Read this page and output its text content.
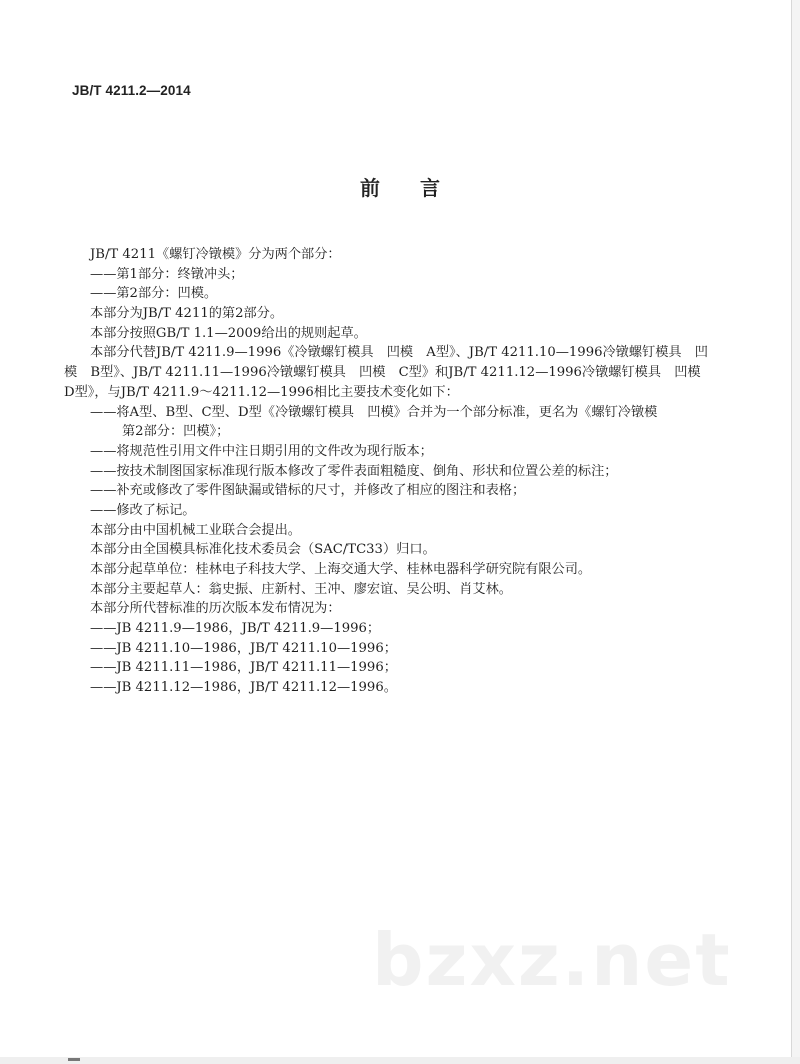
JB/T 4211.2—2014
前 言
JB/T 4211《螺钉冷镦模》分为两个部分：
——第1部分：终镦冲头；
——第2部分：凹模。
本部分为JB/T 4211的第2部分。
本部分按照GB/T 1.1—2009给出的规则起草。
本部分代替JB/T 4211.9—1996《冷镦螺钉模具　凹模　A型》、JB/T 4211.10—1996冷镦螺钉模具　凹
模　B型》、JB/T 4211.11—1996冷镦螺钉模具　凹模　C型》和JB/T 4211.12—1996冷镦螺钉模具　凹模
D型》，与JB/T 4211.9～4211.12—1996相比主要技术变化如下：
——将A型、B型、C型、D型《冷镦螺钉模具　凹模》合并为一个部分标准，更名为《螺钉冷镦模
第2部分：凹模》；
——将规范性引用文件中注日期引用的文件改为现行版本；
——按技术制图国家标准现行版本修改了零件表面粗糙度、倒角、形状和位置公差的标注；
——补充或修改了零件图缺漏或错标的尺寸，并修改了相应的图注和表格；
——修改了标记。
本部分由中国机械工业联合会提出。
本部分由全国模具标准化技术委员会（SAC/TC33）归口。
本部分起草单位：桂林电子科技大学、上海交通大学、桂林电器科学研究院有限公司。
本部分主要起草人：翁史振、庄新村、王冲、廖宏谊、吴公明、肖艾林。
本部分所代替标准的历次版本发布情况为：
——JB 4211.9—1986，JB/T 4211.9—1996；
——JB 4211.10—1986，JB/T 4211.10—1996；
——JB 4211.11—1986，JB/T 4211.11—1996；
——JB 4211.12—1986，JB/T 4211.12—1996。
bzxz.net
